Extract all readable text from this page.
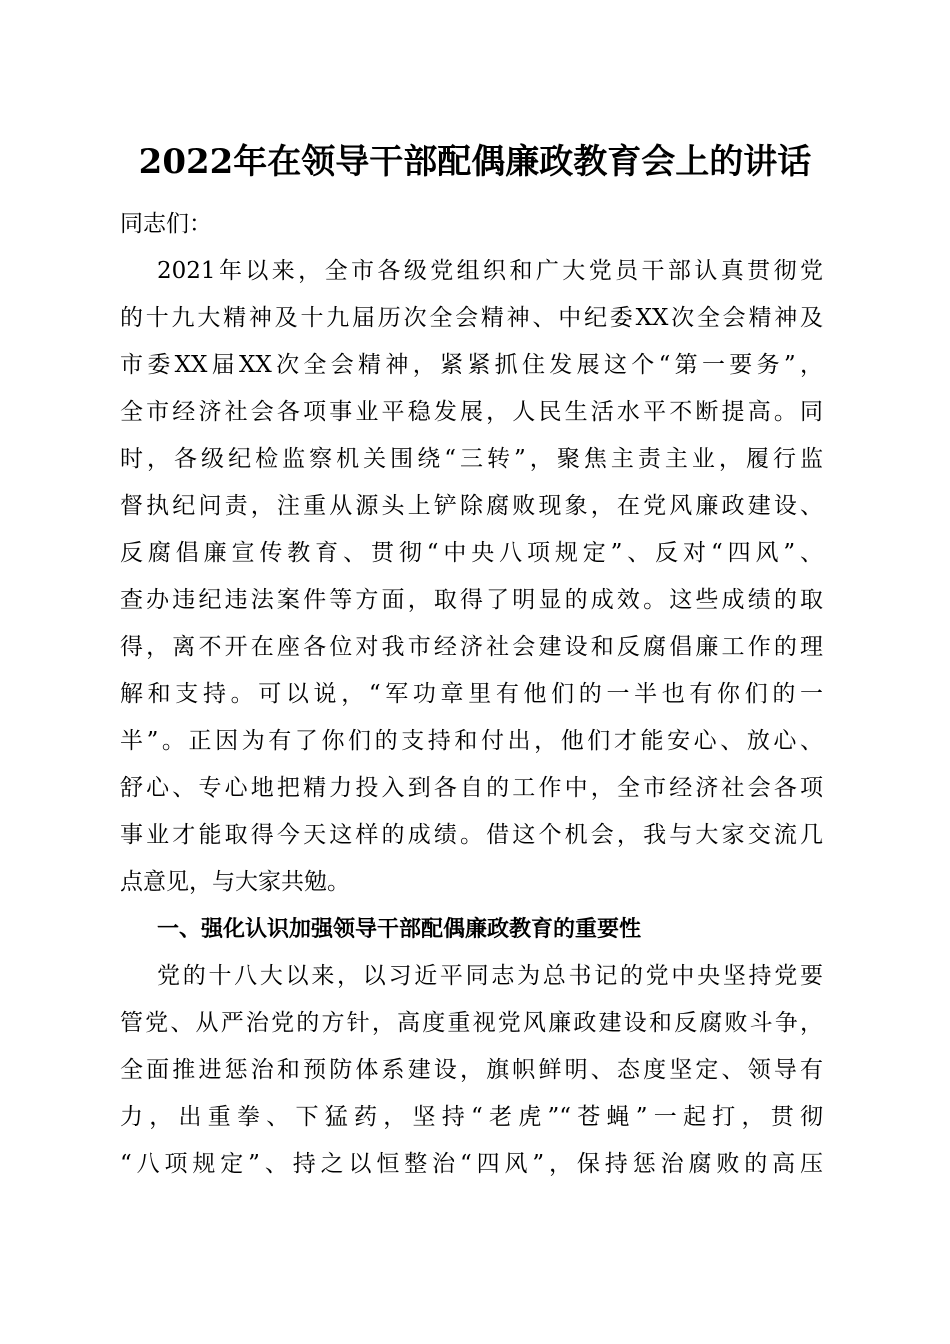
2022年在领导干部配偶廉政教育会上的讲话
同志们：
2021年以来，全市各级党组织和广大党员干部认真贯彻党
的十九大精神及十九届历次全会精神、中纪委XX次全会精神及
市委XX届XX次全会精神，紧紧抓住发展这个“第一要务”，
全市经济社会各项事业平稳发展，人民生活水平不断提高。同
时，各级纪检监察机关围绕“三转”，聚焦主责主业，履行监
督执纪问责，注重从源头上铲除腐败现象，在党风廉政建设、
反腐倡廉宣传教育、贯彻“中央八项规定”、反对“四风”、
查办违纪违法案件等方面，取得了明显的成效。这些成绩的取
得，离不开在座各位对我市经济社会建设和反腐倡廉工作的理
解和支持。可以说，“军功章里有他们的一半也有你们的一
半”。正因为有了你们的支持和付出，他们才能安心、放心、
舒心、专心地把精力投入到各自的工作中，全市经济社会各项
事业才能取得今天这样的成绩。借这个机会，我与大家交流几
点意见，与大家共勉。
一、强化认识加强领导干部配偶廉政教育的重要性
党的十八大以来，以习近平同志为总书记的党中央坚持党要
管党、从严治党的方针，高度重视党风廉政建设和反腐败斗争，
全面推进惩治和预防体系建设，旗帜鲜明、态度坚定、领导有
力，出重拳、下猛药，坚持“老虎”“苍蝇”一起打，贯彻
“八项规定”、持之以恒整治“四风”，保持惩治腐败的高压
